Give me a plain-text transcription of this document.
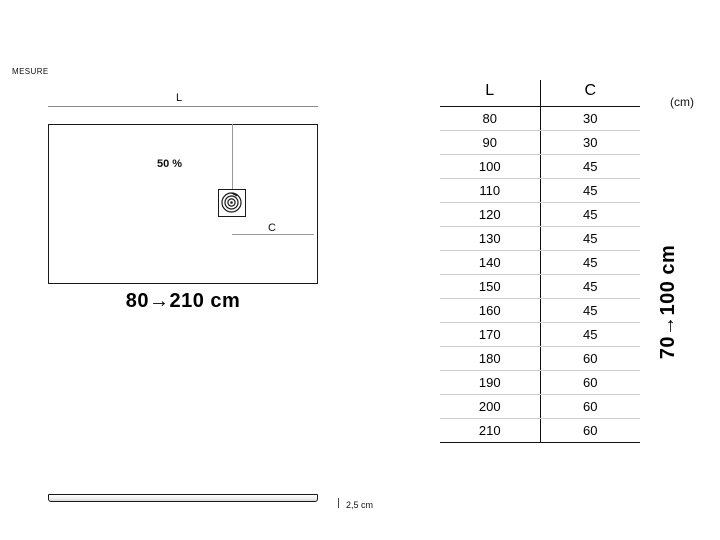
MESURE
L
50 %
C
80→210 cm	70→100 cm
2,5 cm
(cm)
L	C
80	30
90	30
100	45
110	45
120	45
130	45
140	45
150	45
160	45
170	45
180	60
190	60
200	60
210	60
